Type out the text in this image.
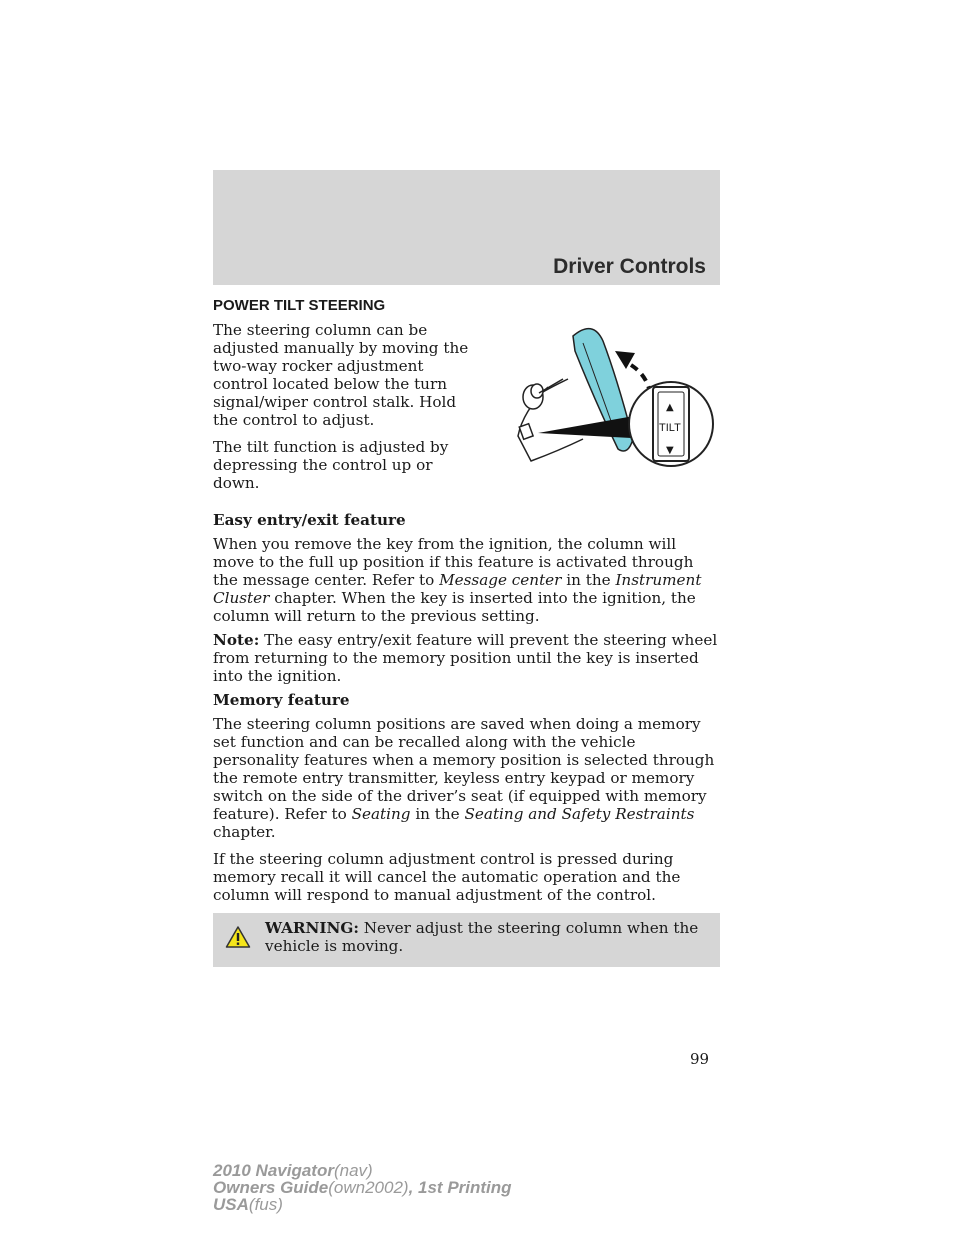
Driver Controls
POWER TILT STEERING

The steering column can be adjusted manually by moving the two-way rocker adjustment control located below the turn signal/wiper control stalk. Hold the control to adjust.

The tilt function is adjusted by depressing the control up or down.

▲
TILT
▼
Easy entry/exit feature

When you remove the key from the ignition, the column will move to the full up position if this feature is activated through the message center. Refer to Message center in the Instrument Cluster chapter. When the key is inserted into the ignition, the column will return to the previous setting.

Note: The easy entry/exit feature will prevent the steering wheel from returning to the memory position until the key is inserted into the ignition.

Memory feature

The steering column positions are saved when doing a memory set function and can be recalled along with the vehicle personality features when a memory position is selected through the remote entry transmitter, keyless entry keypad or memory switch on the side of the driver’s seat (if equipped with memory feature). Refer to Seating in the Seating and Safety Restraints chapter.

If the steering column adjustment control is pressed during memory recall it will cancel the automatic operation and the column will respond to manual adjustment of the control.

WARNING: Never adjust the steering column when the vehicle is moving.
99
2010 Navigator(nav)
Owners Guide(own2002), 1st Printing
USA(fus)
